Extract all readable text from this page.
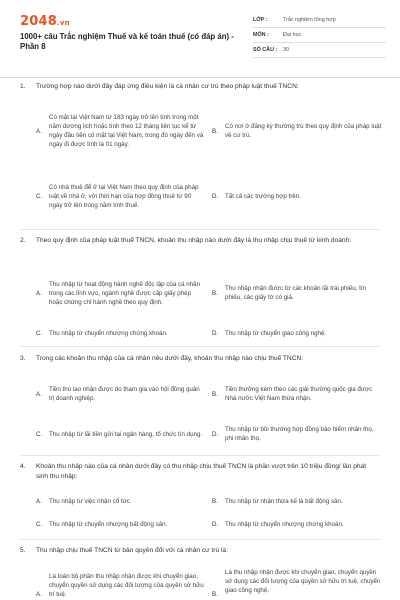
2048.vn
1000+ câu Trắc nghiệm Thuế và kế toán thuế (có đáp án) - Phần 8
LỚP :	Trắc nghiệm tổng hợp
MÔN :	Đại học
SỐ CÂU :	30
1.	Trường hợp nào dưới đây đáp ứng điều kiện là cá nhân cư trú theo pháp luật thuế TNCN:
A.
Có mặt tại Việt Nam từ 183 ngày trở lên tính trong một năm dương lịch hoặc tính theo 12 tháng liên tục kể từ ngày đầu tiên có mặt tại Việt Nam, trong đó ngày đến và ngày đi được tính là 01 ngày.
B.
Có nơi ở đăng ký thường trú theo quy định của pháp luật về cư trú.
C.
Có nhà thuê để ở tại Việt Nam theo quy định của pháp luật về nhà ở, với thời hạn của hợp đồng thuê từ 90 ngày trở lên trong năm tính thuế.
D.	Tất cả các trường hợp trên.
2.	Theo quy định của pháp luật thuế TNCN, khoản thu nhập nào dưới đây là thu nhập chịu thuế từ kinh doanh:
A.
Thu nhập từ hoạt động hành nghề độc lập của cá nhân trong các lĩnh vực, ngành nghề được cấp giấy phép hoặc chứng chỉ hành nghề theo quy định.
B.
Thu nhập nhận được từ các khoản lãi trái phiếu, tín phiếu, các giấy tờ có giá.
C.	Thu nhập từ chuyển nhượng chứng khoán.	D.	Thu nhập từ chuyển giao công nghệ.
3.	Trong các khoản thu nhập của cá nhân nêu dưới đây, khoản thu nhập nào chịu thuế TNCN:
A.
Tiền thù lao nhận được do tham gia vào hội đồng quản trị doanh nghiệp.
B.
Tiền thưởng kèm theo các giải thưởng quốc gia được Nhà nước Việt Nam thừa nhận.
C.	Thu nhập từ lãi tiền gửi tại ngân hàng, tổ chức tín dụng.	D.
Thu nhập từ bồi thường hợp đồng bảo hiểm nhân thọ, phi nhân thọ.
4.	Khoản thu nhập nào của cá nhân dưới đây có thu nhập chịu thuế TNCN là phần vượt trên 10 triệu đồng/ lần phát sinh thu nhập:
A.	Thu nhập từ việc nhận cổ tức.	B.	Thu nhập từ nhận thừa kế là bất động sản.
C.	Thu nhập từ chuyển nhượng bất động sản.	D.	Thu nhập từ chuyển nhượng chứng khoán.
5.	Thu nhập chịu thuế TNCN từ bản quyền đối với cá nhân cư trú là:
A.
Là toàn bộ phần thu nhập nhận được khi chuyển giao, chuyển quyền sử dụng các đối tượng của quyền sở hữu trí tuệ.	B.
Là thu nhập nhận được khi chuyển giao, chuyển quyền sử dụng các đối tượng của quyền sở hữu trí tuệ, chuyển giao công nghệ.
